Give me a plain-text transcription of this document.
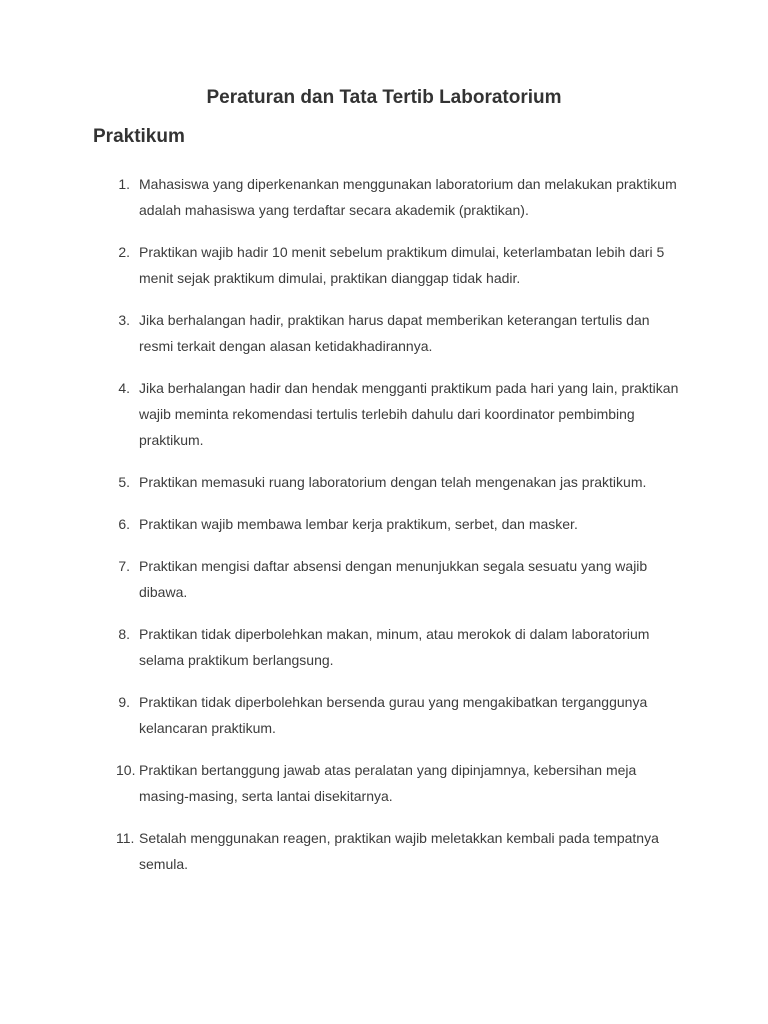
Peraturan dan Tata Tertib Laboratorium
Praktikum
1. Mahasiswa yang diperkenankan menggunakan laboratorium dan melakukan praktikum adalah mahasiswa yang terdaftar secara akademik (praktikan).
2. Praktikan wajib hadir 10 menit sebelum praktikum dimulai, keterlambatan lebih dari 5 menit sejak praktikum dimulai, praktikan dianggap tidak hadir.
3. Jika berhalangan hadir, praktikan harus dapat memberikan keterangan tertulis dan resmi terkait dengan alasan ketidakhadirannya.
4. Jika berhalangan hadir dan hendak mengganti praktikum pada hari yang lain, praktikan wajib meminta rekomendasi tertulis terlebih dahulu dari koordinator pembimbing praktikum.
5. Praktikan memasuki ruang laboratorium dengan telah mengenakan jas praktikum.
6. Praktikan wajib membawa lembar kerja praktikum, serbet, dan masker.
7. Praktikan mengisi daftar absensi dengan menunjukkan segala sesuatu yang wajib dibawa.
8. Praktikan tidak diperbolehkan makan, minum, atau merokok di dalam laboratorium selama praktikum berlangsung.
9. Praktikan tidak diperbolehkan bersenda gurau yang mengakibatkan terganggunya kelancaran praktikum.
10. Praktikan bertanggung jawab atas peralatan yang dipinjamnya, kebersihan meja masing-masing, serta lantai disekitarnya.
11. Setalah menggunakan reagen, praktikan wajib meletakkan kembali pada tempatnya semula.
